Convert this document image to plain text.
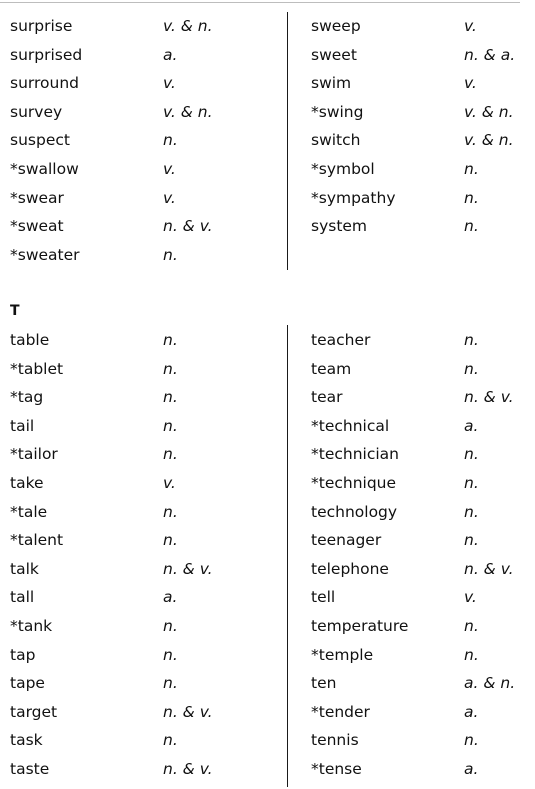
T
surprise	v. & n.
surprised	a.
surround	v.
survey	v. & n.
suspect	n.
*swallow	v.
*swear	v.
*sweat	n. & v.
*sweater	n.
sweep	v.
sweet	n. & a.
swim	v.
*swing	v. & n.
switch	v. & n.
*symbol	n.
*sympathy	n.
system	n.
table	n.
*tablet	n.
*tag	n.
tail	n.
*tailor	n.
take	v.
*tale	n.
*talent	n.
talk	n. & v.
tall	a.
*tank	n.
tap	n.
tape	n.
target	n. & v.
task	n.
taste	n. & v.
teacher	n.
team	n.
tear	n. & v.
*technical	a.
*technician	n.
*technique	n.
technology	n.
teenager	n.
telephone	n. & v.
tell	v.
temperature	n.
*temple	n.
ten	a. & n.
*tender	a.
tennis	n.
*tense	a.
